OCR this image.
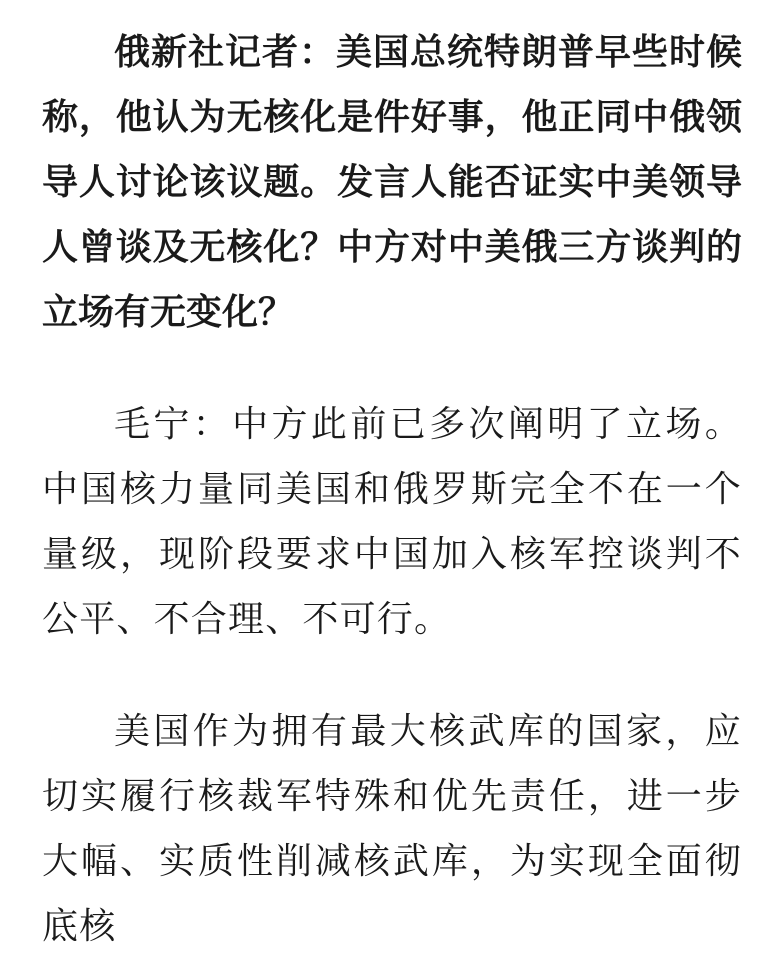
俄新社记者：美国总统特朗普早些时候称，他认为无核化是件好事，他正同中俄领导人讨论该议题。发言人能否证实中美领导人曾谈及无核化？中方对中美俄三方谈判的立场有无变化？

毛宁：中方此前已多次阐明了立场。中国核力量同美国和俄罗斯完全不在一个量级，现阶段要求中国加入核军控谈判不公平、不合理、不可行。

美国作为拥有最大核武库的国家，应切实履行核裁军特殊和优先责任，进一步大幅、实质性削减核武库，为实现全面彻底核
